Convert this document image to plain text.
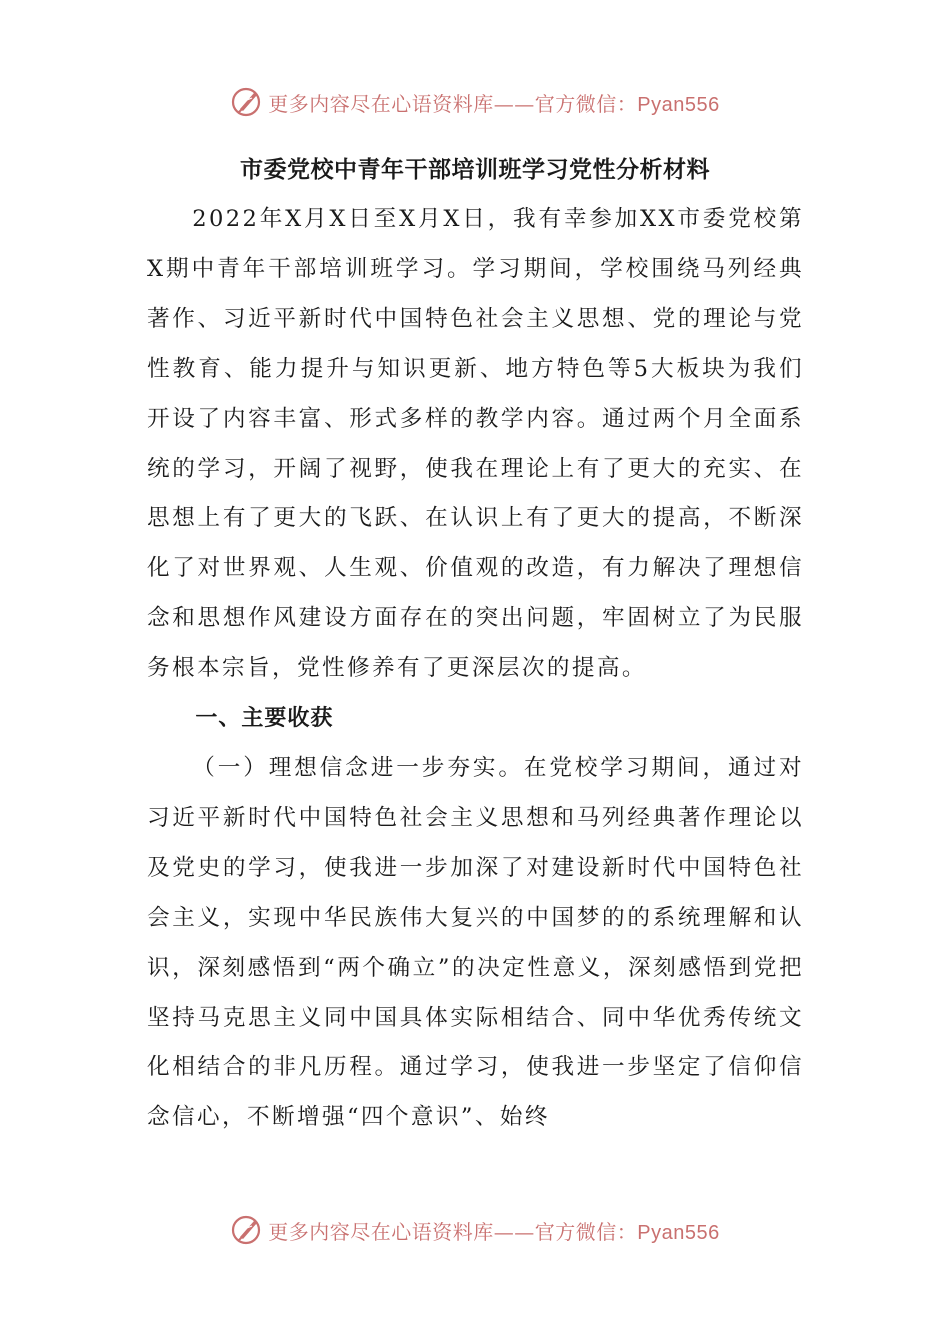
更多内容尽在心语资料库——官方微信：Pyan556
市委党校中青年干部培训班学习党性分析材料

2022年X月X日至X月X日，我有幸参加XX市委党校第X期中青年干部培训班学习。学习期间，学校围绕马列经典著作、习近平新时代中国特色社会主义思想、党的理论与党性教育、能力提升与知识更新、地方特色等5大板块为我们开设了内容丰富、形式多样的教学内容。通过两个月全面系统的学习，开阔了视野，使我在理论上有了更大的充实、在思想上有了更大的飞跃、在认识上有了更大的提高，不断深化了对世界观、人生观、价值观的改造，有力解决了理想信念和思想作风建设方面存在的突出问题，牢固树立了为民服务根本宗旨，党性修养有了更深层次的提高。

一、主要收获

（一）理想信念进一步夯实。在党校学习期间，通过对习近平新时代中国特色社会主义思想和马列经典著作理论以及党史的学习，使我进一步加深了对建设新时代中国特色社会主义，实现中华民族伟大复兴的中国梦的的系统理解和认识，深刻感悟到“两个确立”的决定性意义，深刻感悟到党把坚持马克思主义同中国具体实际相结合、同中华优秀传统文化相结合的非凡历程。通过学习，使我进一步坚定了信仰信念信心，不断增强“四个意识”、始终

更多内容尽在心语资料库——官方微信：Pyan556
